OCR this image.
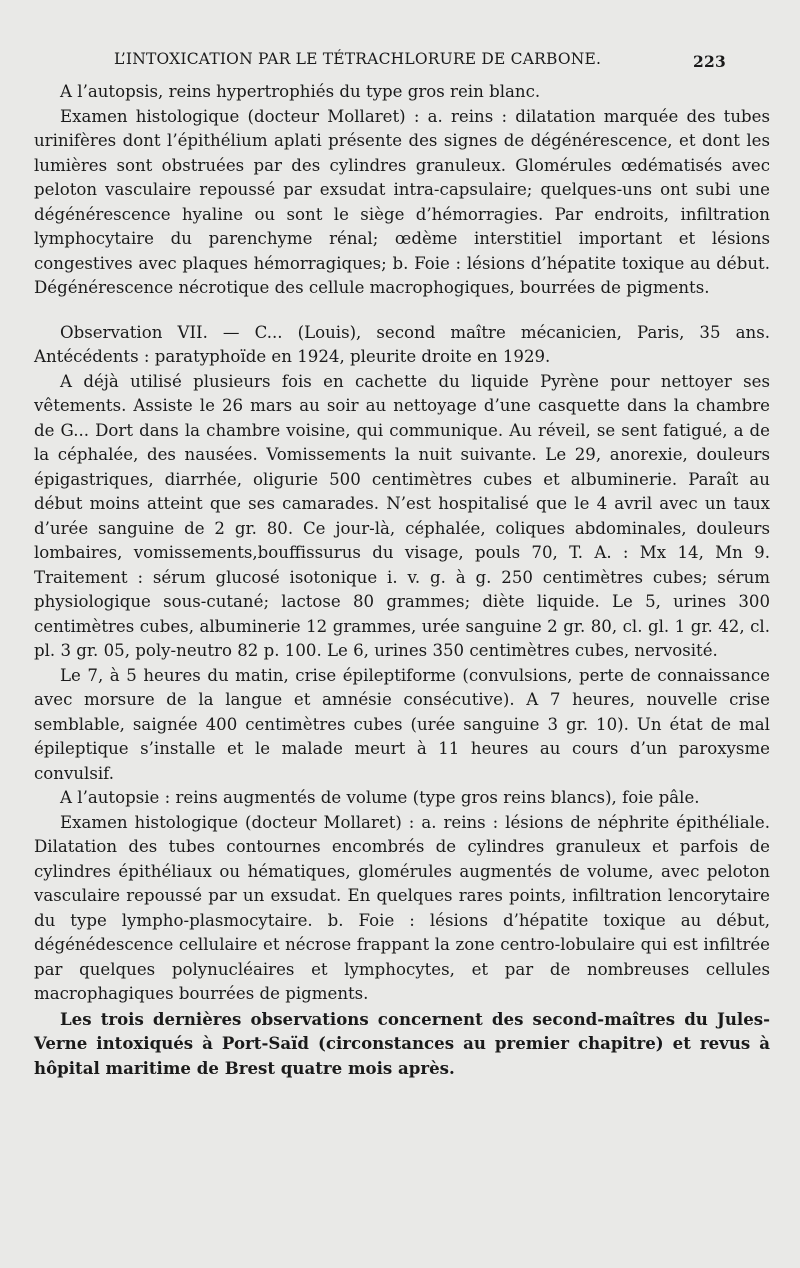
L’INTOXICATION PAR LE TÉTRACHLORURE DE CARBONE.	223

A l’autopsis, reins hypertrophiés du type gros rein blanc.

Examen histologique (docteur Mollaret) : a. reins : dilatation marquée des tubes urinifères dont l’épithélium aplati présente des signes de dégénérescence, et dont les lumières sont obstruées par des cylindres granuleux. Glomérules œdématisés avec peloton vasculaire repoussé par exsudat intra-capsulaire; quelques-uns ont subi une dégénérescence hyaline ou sont le siège d’hémorragies. Par endroits, infiltration lymphocytaire du parenchyme rénal; œdème interstitiel important et lésions congestives avec plaques hémorragiques; b. Foie : lésions d’hépatite toxique au début. Dégénérescence nécrotique des cellule macrophogiques, bourrées de pigments.

Observation VII. — C... (Louis), second maître mécanicien, Paris, 35 ans. Antécédents : paratyphoïde en 1924, pleurite droite en 1929.

A déjà utilisé plusieurs fois en cachette du liquide Pyrène pour nettoyer ses vêtements. Assiste le 26 mars au soir au nettoyage d’une casquette dans la chambre de G... Dort dans la chambre voisine, qui communique. Au réveil, se sent fatigué, a de la céphalée, des nausées. Vomissements la nuit suivante. Le 29, anorexie, douleurs épigastriques, diarrhée, oligurie 500 centimètres cubes et albuminerie. Paraît au début moins atteint que ses camarades. N’est hospitalisé que le 4 avril avec un taux d’urée sanguine de 2 gr. 80. Ce jour-là, céphalée, coliques abdominales, douleurs lombaires, vomissements,bouffissurus du visage, pouls 70, T. A. : Mx 14, Mn 9. Traitement : sérum glucosé isotonique i. v. g. à g. 250 centimètres cubes; sérum physiologique sous-cutané; lactose 80 grammes; diète liquide. Le 5, urines 300 centimètres cubes, albuminerie 12 grammes, urée sanguine 2 gr. 80, cl. gl. 1 gr. 42, cl. pl. 3 gr. 05, poly-neutro 82 p. 100. Le 6, urines 350 centimètres cubes, nervosité.

Le 7, à 5 heures du matin, crise épileptiforme (convulsions, perte de connaissance avec morsure de la langue et amnésie consécutive). A 7 heures, nouvelle crise semblable, saignée 400 centimètres cubes (urée sanguine 3 gr. 10). Un état de mal épileptique s’installe et le malade meurt à 11 heures au cours d’un paroxysme convulsif.

A l’autopsie : reins augmentés de volume (type gros reins blancs), foie pâle.

Examen histologique (docteur Mollaret) : a. reins : lésions de néphrite épithéliale. Dilatation des tubes contournes encombrés de cylindres granuleux et parfois de cylindres épithéliaux ou hématiques, glomérules augmentés de volume, avec peloton vasculaire repoussé par un exsudat. En quelques rares points, infiltration lencorytaire du type lympho-plasmocytaire. b. Foie : lésions d’hépatite toxique au début, dégénédescence cellulaire et nécrose frappant la zone centro-lobulaire qui est infiltrée par quelques polynucléaires et lymphocytes, et par de nombreuses cellules macrophagiques bourrées de pigments.

Les trois dernières observations concernent des second-maîtres du Jules-Verne intoxiqués à Port-Saïd (circonstances au premier chapitre) et revus à hôpital maritime de Brest quatre mois après.
